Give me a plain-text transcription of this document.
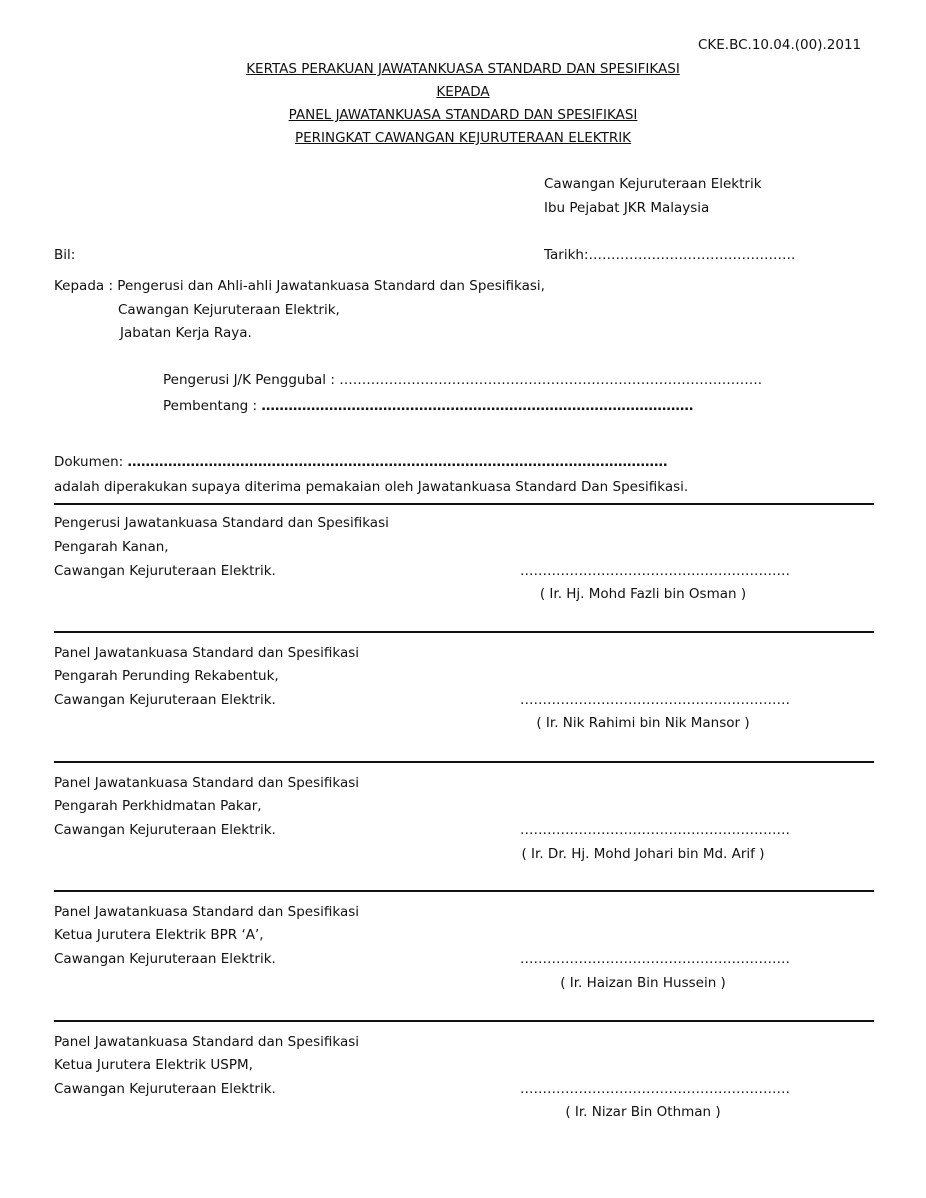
CKE.BC.10.04.(00).2011
KERTAS PERAKUAN JAWATANKUASA STANDARD DAN SPESIFIKASI
KEPADA
PANEL JAWATANKUASA STANDARD DAN SPESIFIKASI
PERINGKAT CAWANGAN KEJURUTERAAN ELEKTRIK
Cawangan Kejuruteraan Elektrik
Ibu Pejabat JKR Malaysia
Bil:	Tarikh:……………………………………….
Kepada : Pengerusi dan Ahli-ahli Jawatankuasa Standard dan Spesifikasi,
Cawangan Kejuruteraan Elektrik,
Jabatan Kerja Raya.
Pengerusi J/K Penggubal : ………………………………………………………………………………….
Pembentang : ……………………………………………………………………………………
Dokumen: …………………………………………………………………………………………………………
adalah diperakukan supaya diterima pemakaian oleh Jawatankuasa Standard Dan Spesifikasi.
Pengerusi Jawatankuasa Standard dan Spesifikasi
Pengarah Kanan,
Cawangan Kejuruteraan Elektrik.	……………………………………………………
( Ir. Hj. Mohd Fazli bin Osman )
Panel Jawatankuasa Standard dan Spesifikasi
Pengarah Perunding Rekabentuk,
Cawangan Kejuruteraan Elektrik.	……………………………………………………
( Ir. Nik Rahimi bin Nik Mansor )
Panel Jawatankuasa Standard dan Spesifikasi
Pengarah Perkhidmatan Pakar,
Cawangan Kejuruteraan Elektrik.	……………………………………………………
( Ir. Dr. Hj. Mohd Johari bin Md. Arif )
Panel Jawatankuasa Standard dan Spesifikasi
Ketua Jurutera Elektrik BPR ‘A’,
Cawangan Kejuruteraan Elektrik.	……………………………………………………
( Ir. Haizan Bin Hussein )
Panel Jawatankuasa Standard dan Spesifikasi
Ketua Jurutera Elektrik USPM,
Cawangan Kejuruteraan Elektrik.	……………………………………………………
( Ir. Nizar Bin Othman )
